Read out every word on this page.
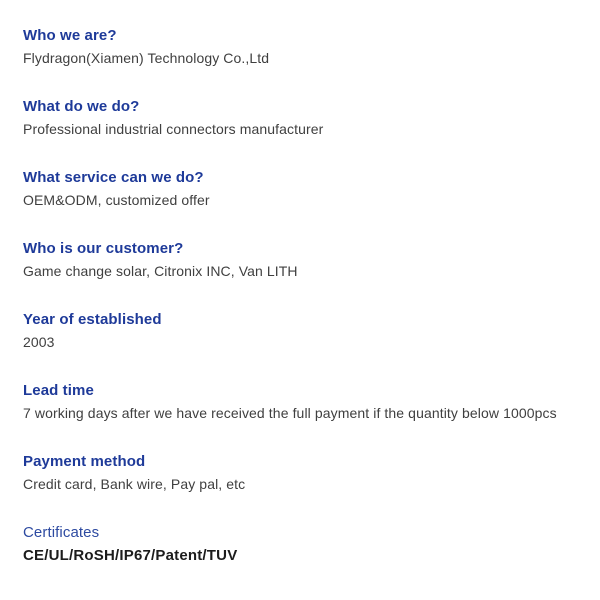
Who we are?

Flydragon(Xiamen) Technology Co.,Ltd

What do we do?

Professional industrial connectors manufacturer

What service can we do?

OEM&ODM, customized offer

Who is our customer?

Game change solar, Citronix INC, Van LITH

Year of established

2003

Lead time

7 working days after we have received the full payment if the quantity below 1000pcs

Payment method

Credit card, Bank wire, Pay pal, etc

Certificates

CE/UL/RoSH/IP67/Patent/TUV
